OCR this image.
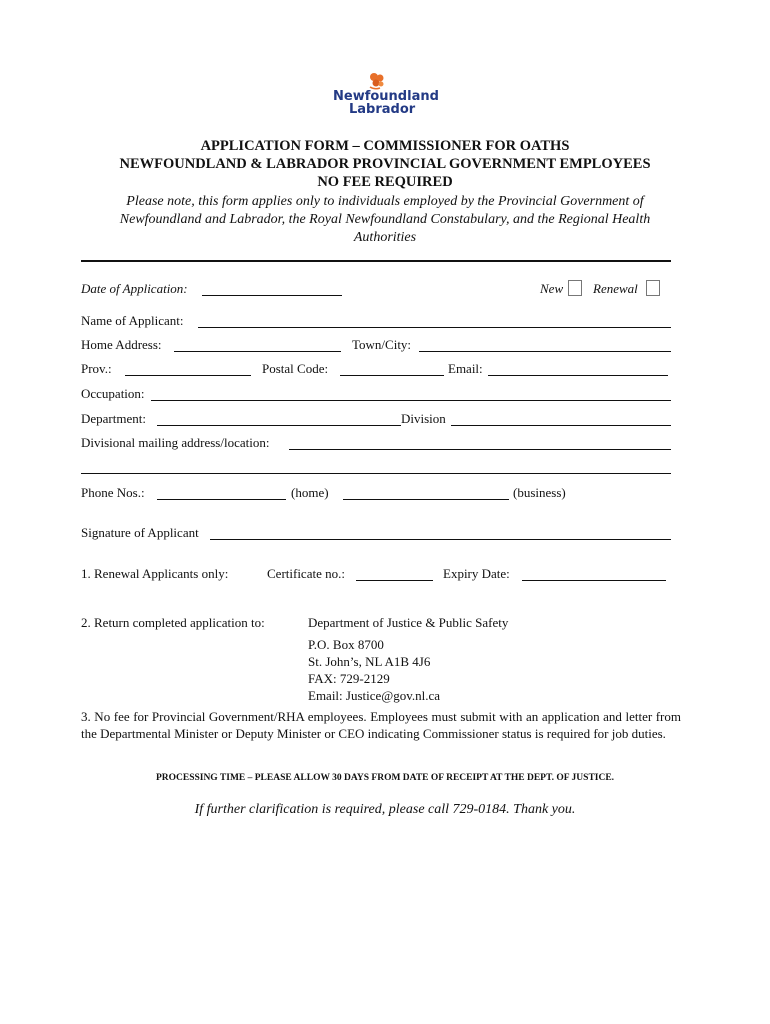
Newfoundland
Labrador
APPLICATION FORM – COMMISSIONER FOR OATHS
NEWFOUNDLAND & LABRADOR PROVINCIAL GOVERNMENT EMPLOYEES
NO FEE REQUIRED
Please note, this form applies only to individuals employed by the Provincial Government of
Newfoundland and Labrador, the Royal Newfoundland Constabulary, and the Regional Health
Authorities
Date of Application:	New Renewal
Name of Applicant:
Home Address:	Town/City:
Prov.:	Postal Code:	Email:
Occupation:
Department:	Division
Divisional mailing address/location:
Phone Nos.:	(home)	(business)
Signature of Applicant
1. Renewal Applicants only:	Certificate no.:	Expiry Date:
2. Return completed application to:	Department of Justice & Public Safety
P.O. Box 8700
St. John’s, NL A1B 4J6
FAX: 729-2129
Email: Justice@gov.nl.ca
3. No fee for Provincial Government/RHA employees. Employees must submit with an application and letter from the Departmental Minister or Deputy Minister or CEO indicating Commissioner status is required for job duties.
PROCESSING TIME – PLEASE ALLOW 30 DAYS FROM DATE OF RECEIPT AT THE DEPT. OF JUSTICE.
If further clarification is required, please call 729-0184. Thank you.
